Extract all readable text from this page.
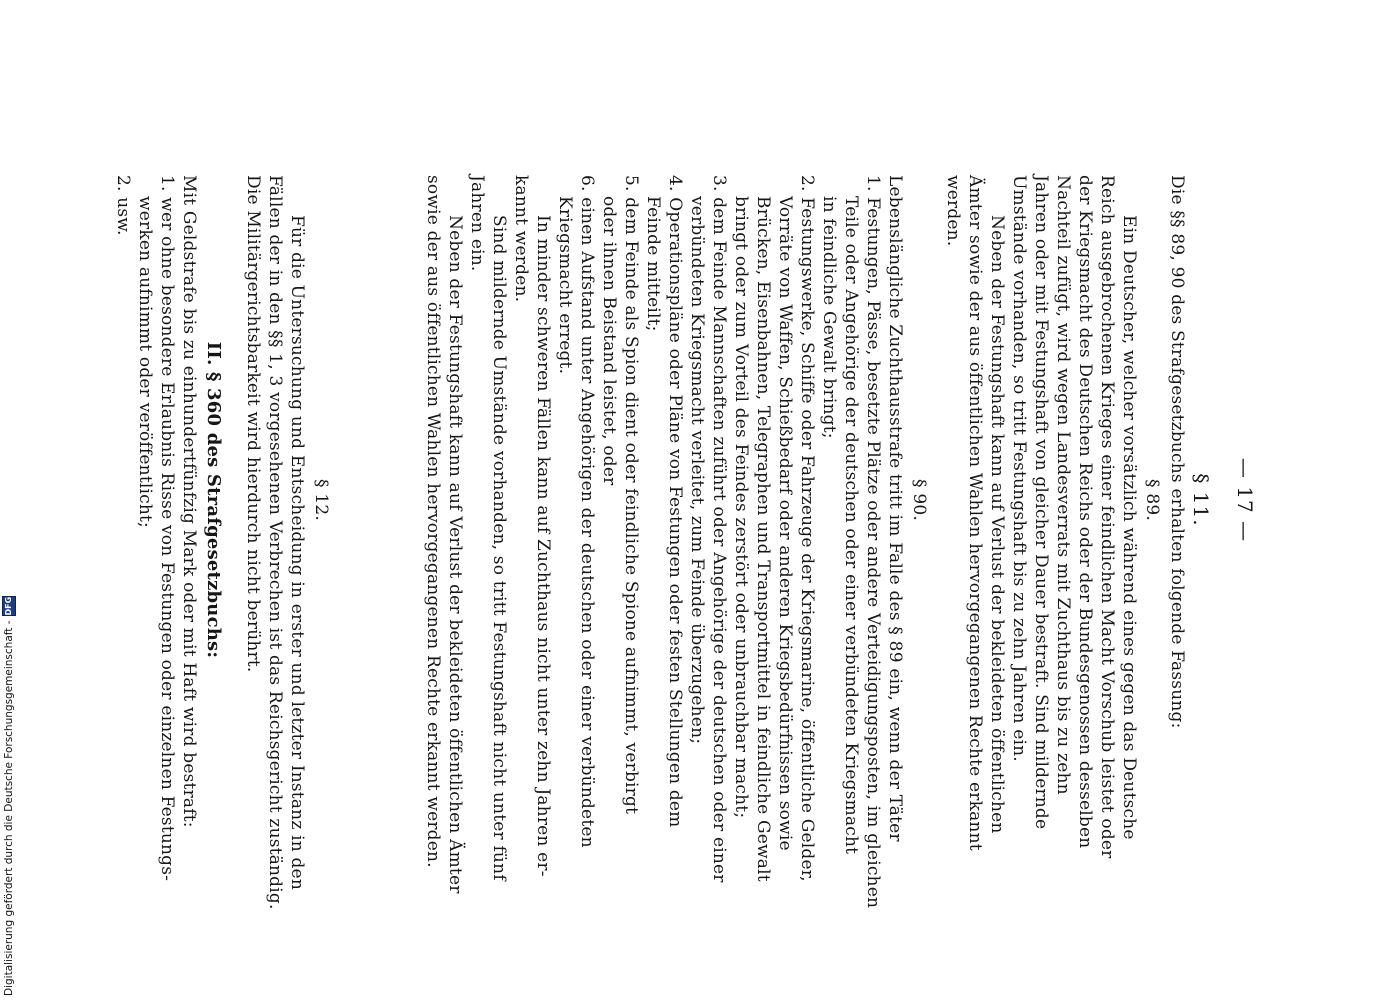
— 17 —
§ 11.
Die §§ 89, 90 des Strafgesetzbuchs erhalten folgende Fassung:
§ 89.
Ein Deutscher, welcher vorsätzlich während eines gegen das Deutsche
Reich ausgebrochenen Krieges einer feindlichen Macht Vorschub leistet oder
der Kriegsmacht des Deutschen Reichs oder der Bundesgenossen desselben
Nachteil zufügt, wird wegen Landesverrats mit Zuchthaus bis zu zehn
Jahren oder mit Festungshaft von gleicher Dauer bestraft. Sind mildernde
Umstände vorhanden, so tritt Festungshaft bis zu zehn Jahren ein.
Neben der Festungshaft kann auf Verlust der bekleideten öffentlichen
Ämter sowie der aus öffentlichen Wahlen hervorgegangenen Rechte erkannt
werden.
§ 90.
Lebenslängliche Zuchthausstrafe tritt im Falle des § 89 ein, wenn der Täter
1. Festungen, Pässe, besetzte Plätze oder andere Verteidigungsposten, im gleichen
Teile oder Angehörige der deutschen oder einer verbündeten Kriegsmacht
in feindliche Gewalt bringt;
2. Festungswerke, Schiffe oder Fahrzeuge der Kriegsmarine, öffentliche Gelder,
Vorräte von Waffen, Schießbedarf oder anderen Kriegsbedürfnissen sowie
Brücken, Eisenbahnen, Telegraphen und Transportmittel in feindliche Gewalt
bringt oder zum Vorteil des Feindes zerstört oder unbrauchbar macht;
3. dem Feinde Mannschaften zuführt oder Angehörige der deutschen oder einer
verbündeten Kriegsmacht verleitet, zum Feinde überzugehen;
4. Operationspläne oder Pläne von Festungen oder festen Stellungen dem
Feinde mitteilt;
5. dem Feinde als Spion dient oder feindliche Spione aufnimmt, verbirgt
oder ihnen Beistand leistet, oder
6. einen Aufstand unter Angehörigen der deutschen oder einer verbündeten
Kriegsmacht erregt.
In minder schweren Fällen kann auf Zuchthaus nicht unter zehn Jahren er-
kannt werden.
Sind mildernde Umstände vorhanden, so tritt Festungshaft nicht unter fünf
Jahren ein.
Neben der Festungshaft kann auf Verlust der bekleideten öffentlichen Ämter
sowie der aus öffentlichen Wahlen hervorgegangenen Rechte erkannt werden.
§ 12.
Für die Untersuchung und Entscheidung in erster und letzter Instanz in den
Fällen der in den §§ 1, 3 vorgesehenen Verbrechen ist das Reichsgericht zuständig.
Die Militärgerichtsbarkeit wird hierdurch nicht berührt.
II. § 360 des Strafgesetzbuchs:
Mit Geldstrafe bis zu einhundertfünfzig Mark oder mit Haft wird bestraft:
1. wer ohne besondere Erlaubnis Risse von Festungen oder einzelnen Festungs-
werken aufnimmt oder veröffentlicht;
2. usw.
Digitalisierung gefördert durch die Deutsche Forschungsgemeinschaft -
DFG
